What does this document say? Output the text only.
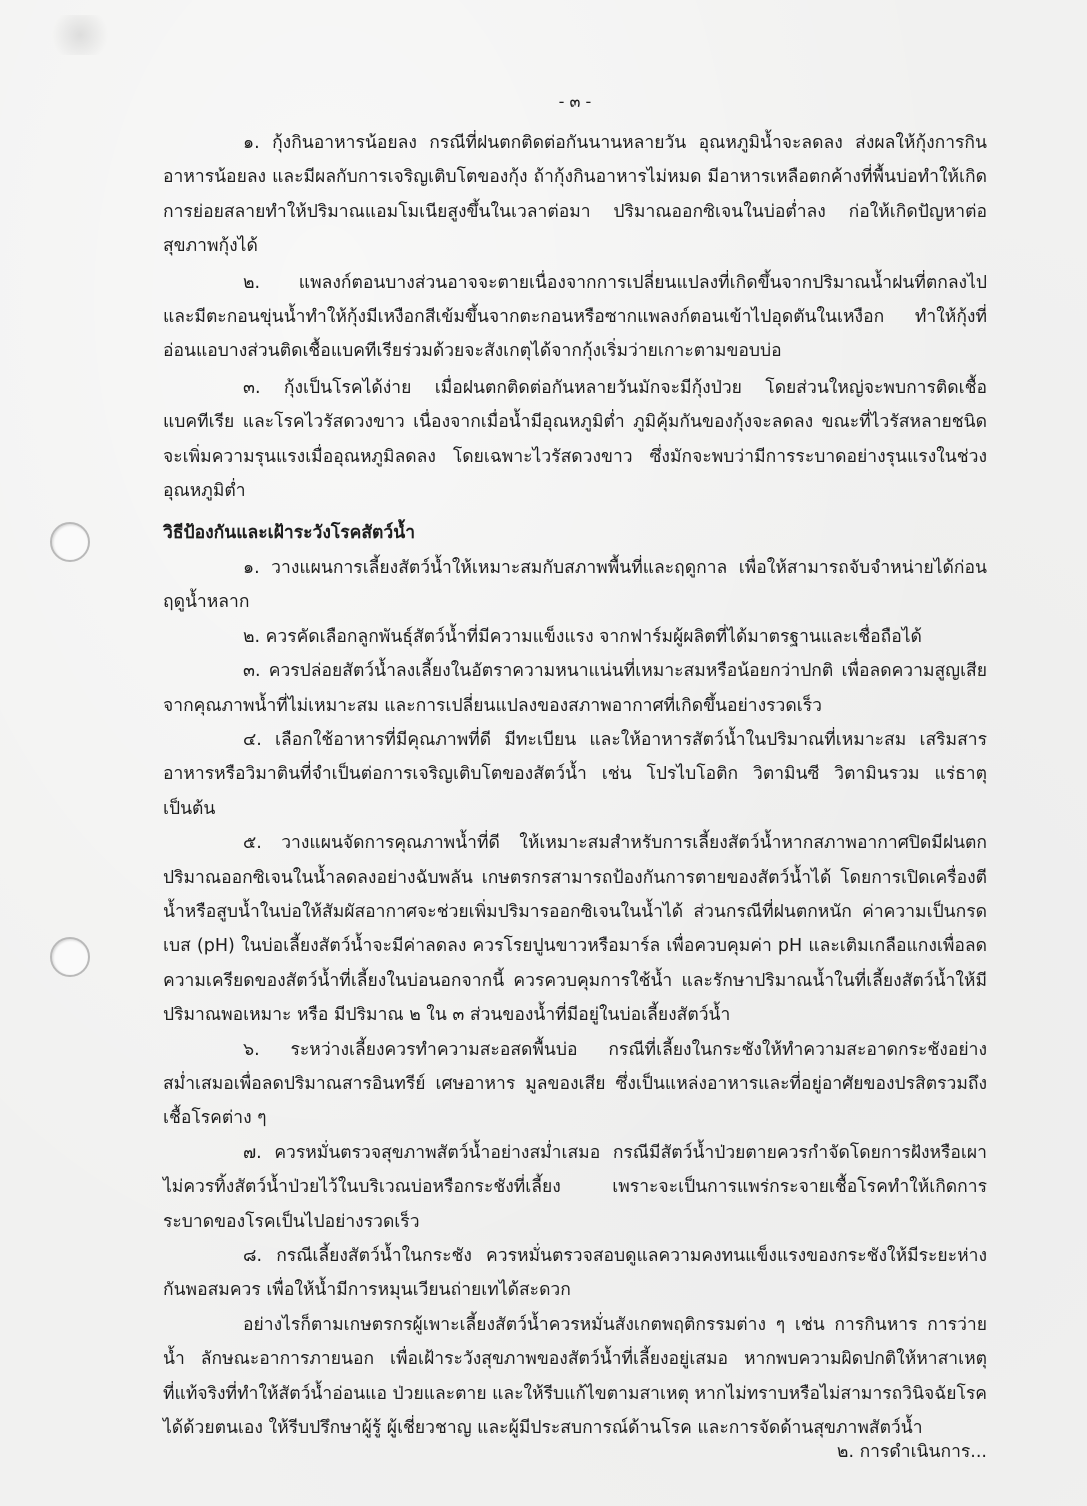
- ๓ -

๑. กุ้งกินอาหารน้อยลง กรณีที่ฝนตกติดต่อกันนานหลายวัน อุณหภูมิน้ำจะลดลง ส่งผลให้กุ้งการกินอาหารน้อยลง และมีผลกับการเจริญเติบโตของกุ้ง ถ้ากุ้งกินอาหารไม่หมด มีอาหารเหลือตกค้างที่พื้นบ่อทำให้เกิดการย่อยสลายทำให้ปริมาณแอมโมเนียสูงขึ้นในเวลาต่อมา ปริมาณออกซิเจนในบ่อต่ำลง ก่อให้เกิดปัญหาต่อสุขภาพกุ้งได้

๒. แพลงก์ตอนบางส่วนอาจจะตายเนื่องจากการเปลี่ยนแปลงที่เกิดขึ้นจากปริมาณน้ำฝนที่ตกลงไป และมีตะกอนขุ่นน้ำทำให้กุ้งมีเหงือกสีเข้มขึ้นจากตะกอนหรือซากแพลงก์ตอนเข้าไปอุดตันในเหงือก ทำให้กุ้งที่อ่อนแอบางส่วนติดเชื้อแบคทีเรียร่วมด้วยจะสังเกตุได้จากกุ้งเริ่มว่ายเกาะตามขอบบ่อ

๓. กุ้งเป็นโรคได้ง่าย เมื่อฝนตกติดต่อกันหลายวันมักจะมีกุ้งป่วย โดยส่วนใหญ่จะพบการติดเชื้อแบคทีเรีย และโรคไวรัสดวงขาว เนื่องจากเมื่อน้ำมีอุณหภูมิต่ำ ภูมิคุ้มกันของกุ้งจะลดลง ขณะที่ไวรัสหลายชนิดจะเพิ่มความรุนแรงเมื่ออุณหภูมิลดลง โดยเฉพาะไวรัสดวงขาว ซึ่งมักจะพบว่ามีการระบาดอย่างรุนแรงในช่วงอุณหภูมิต่ำ

วิธีป้องกันและเฝ้าระวังโรคสัตว์น้ำ

๑. วางแผนการเลี้ยงสัตว์น้ำให้เหมาะสมกับสภาพพื้นที่และฤดูกาล เพื่อให้สามารถจับจำหน่ายได้ก่อนฤดูน้ำหลาก

๒. ควรคัดเลือกลูกพันธุ์สัตว์น้ำที่มีความแข็งแรง จากฟาร์มผู้ผลิตที่ได้มาตรฐานและเชื่อถือได้

๓. ควรปล่อยสัตว์น้ำลงเลี้ยงในอัตราความหนาแน่นที่เหมาะสมหรือน้อยกว่าปกติ เพื่อลดความสูญเสียจากคุณภาพน้ำที่ไม่เหมาะสม และการเปลี่ยนแปลงของสภาพอากาศที่เกิดขึ้นอย่างรวดเร็ว

๔. เลือกใช้อาหารที่มีคุณภาพที่ดี มีทะเบียน และให้อาหารสัตว์น้ำในปริมาณที่เหมาะสม เสริมสารอาหารหรือวิมาตินที่จำเป็นต่อการเจริญเติบโตของสัตว์น้ำ เช่น โปรไบโอติก วิตามินซี วิตามินรวม แร่ธาตุ เป็นต้น

๕. วางแผนจัดการคุณภาพน้ำที่ดี ให้เหมาะสมสำหรับการเลี้ยงสัตว์น้ำหากสภาพอากาศปิดมีฝนตก ปริมาณออกซิเจนในน้ำลดลงอย่างฉับพลัน เกษตรกรสามารถป้องกันการตายของสัตว์น้ำได้ โดยการเปิดเครื่องตีน้ำหรือสูบน้ำในบ่อให้สัมผัสอากาศจะช่วยเพิ่มปริมารออกซิเจนในน้ำได้ ส่วนกรณีที่ฝนตกหนัก ค่าความเป็นกรดเบส (pH) ในบ่อเลี้ยงสัตว์น้ำจะมีค่าลดลง ควรโรยปูนขาวหรือมาร์ล เพื่อควบคุมค่า pH และเติมเกลือแกงเพื่อลดความเครียดของสัตว์น้ำที่เลี้ยงในบ่อนอกจากนี้ ควรควบคุมการใช้น้ำ และรักษาปริมาณน้ำในที่เลี้ยงสัตว์น้ำให้มีปริมาณพอเหมาะ หรือ มีปริมาณ ๒ ใน ๓ ส่วนของน้ำที่มีอยู่ในบ่อเลี้ยงสัตว์น้ำ

๖. ระหว่างเลี้ยงควรทำความสะอสดพื้นบ่อ กรณีที่เลี้ยงในกระชังให้ทำความสะอาดกระชังอย่างสม่ำเสมอเพื่อลดปริมาณสารอินทรีย์ เศษอาหาร มูลของเสีย ซึ่งเป็นแหล่งอาหารและที่อยู่อาศัยของปรสิตรวมถึงเชื้อโรคต่าง ๆ

๗. ควรหมั่นตรวจสุขภาพสัตว์น้ำอย่างสม่ำเสมอ กรณีมีสัตว์น้ำป่วยตายควรกำจัดโดยการฝังหรือเผา ไม่ควรทิ้งสัตว์น้ำป่วยไว้ในบริเวณบ่อหรือกระชังที่เลี้ยง เพราะจะเป็นการแพร่กระจายเชื้อโรคทำให้เกิดการระบาดของโรคเป็นไปอย่างรวดเร็ว

๘. กรณีเลี้ยงสัตว์น้ำในกระชัง ควรหมั่นตรวจสอบดูแลความคงทนแข็งแรงของกระชังให้มีระยะห่างกันพอสมควร เพื่อให้น้ำมีการหมุนเวียนถ่ายเทได้สะดวก

อย่างไรก็ตามเกษตรกรผู้เพาะเลี้ยงสัตว์น้ำควรหมั่นสังเกตพฤติกรรมต่าง ๆ เช่น การกินหาร การว่ายน้ำ ลักษณะอาการภายนอก เพื่อเฝ้าระวังสุขภาพของสัตว์น้ำที่เลี้ยงอยู่เสมอ หากพบความผิดปกติให้หาสาเหตุที่แท้จริงที่ทำให้สัตว์น้ำอ่อนแอ ป่วยและตาย และให้รีบแก้ไขตามสาเหตุ หากไม่ทราบหรือไม่สามารถวินิจฉัยโรคได้ด้วยตนเอง ให้รีบปรึกษาผู้รู้ ผู้เชี่ยวชาญ และผู้มีประสบการณ์ด้านโรค และการจัดด้านสุขภาพสัตว์น้ำ

๒. การดำเนินการ...
